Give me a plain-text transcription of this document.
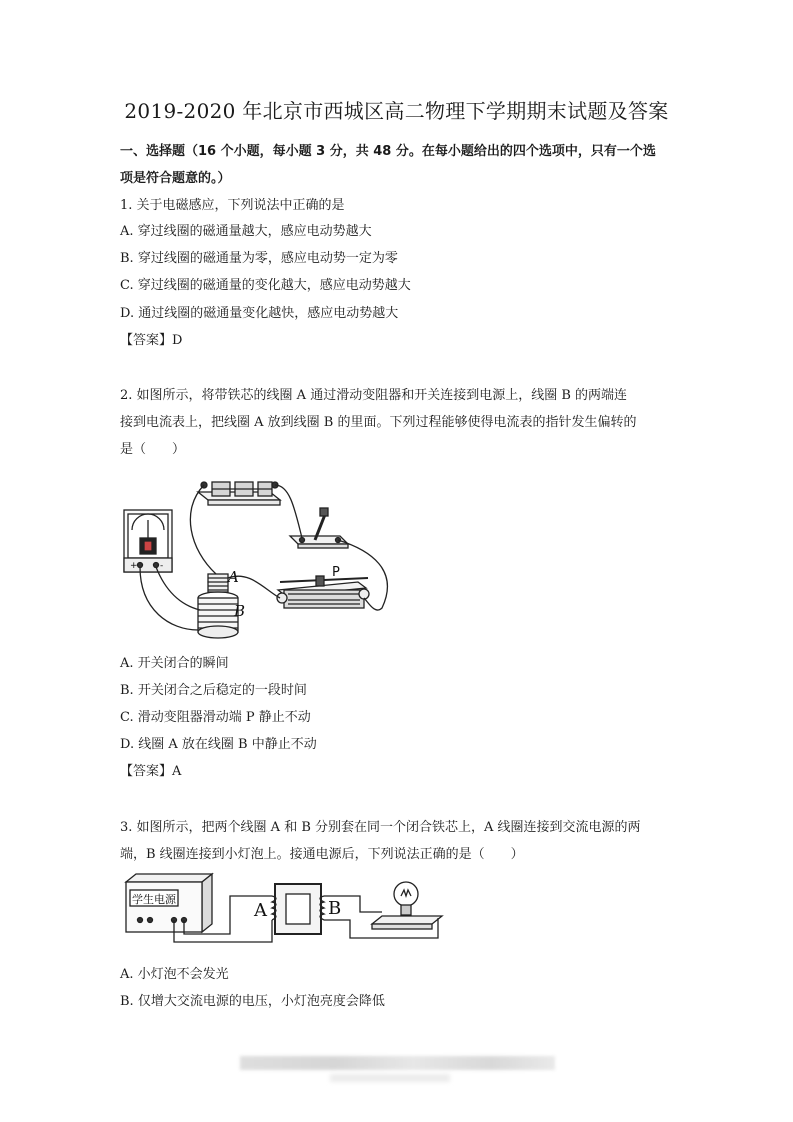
2019-2020 年北京市西城区高二物理下学期期末试题及答案
一、选择题（16 个小题，每小题 3 分，共 48 分。在每小题给出的四个选项中，只有一个选
项是符合题意的。）
1. 关于电磁感应，下列说法中正确的是
A. 穿过线圈的磁通量越大，感应电动势越大
B. 穿过线圈的磁通量为零，感应电动势一定为零
C. 穿过线圈的磁通量的变化越大，感应电动势越大
D. 通过线圈的磁通量变化越快，感应电动势越大
【答案】D
2. 如图所示，将带铁芯的线圈 A 通过滑动变阻器和开关连接到电源上，线圈 B 的两端连
接到电流表上，把线圈 A 放到线圈 B 的里面。下列过程能够使得电流表的指针发生偏转的
是（　　）
A
B
P
+ -
A. 开关闭合的瞬间
B. 开关闭合之后稳定的一段时间
C. 滑动变阻器滑动端 P 静止不动
D. 线圈 A 放在线圈 B 中静止不动
【答案】A
3. 如图所示，把两个线圈 A 和 B 分别套在同一个闭合铁芯上，A 线圈连接到交流电源的两
端，B 线圈连接到小灯泡上。接通电源后，下列说法正确的是（　　）
学生电源
A	B
A. 小灯泡不会发光
B. 仅增大交流电源的电压，小灯泡亮度会降低
